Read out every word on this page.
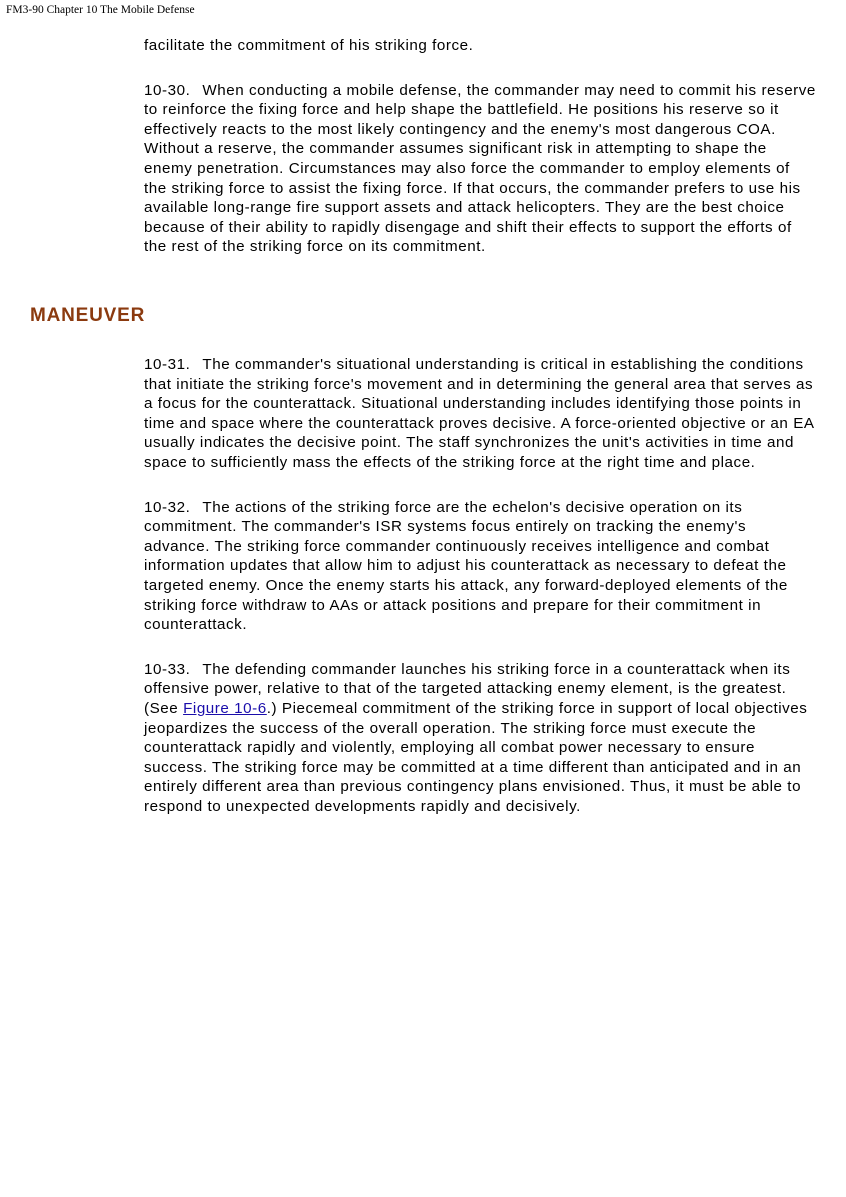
FM3-90 Chapter 10 The Mobile Defense

facilitate the commitment of his striking force.

10-30. When conducting a mobile defense, the commander may need to commit his reserve to reinforce the fixing force and help shape the battlefield. He positions his reserve so it effectively reacts to the most likely contingency and the enemy's most dangerous COA. Without a reserve, the commander assumes significant risk in attempting to shape the enemy penetration. Circumstances may also force the commander to employ elements of the striking force to assist the fixing force. If that occurs, the commander prefers to use his available long-range fire support assets and attack helicopters. They are the best choice because of their ability to rapidly disengage and shift their effects to support the efforts of the rest of the striking force on its commitment.

MANEUVER

10-31. The commander's situational understanding is critical in establishing the conditions that initiate the striking force's movement and in determining the general area that serves as a focus for the counterattack. Situational understanding includes identifying those points in time and space where the counterattack proves decisive. A force-oriented objective or an EA usually indicates the decisive point. The staff synchronizes the unit's activities in time and space to sufficiently mass the effects of the striking force at the right time and place.

10-32. The actions of the striking force are the echelon's decisive operation on its commitment. The commander's ISR systems focus entirely on tracking the enemy's advance. The striking force commander continuously receives intelligence and combat information updates that allow him to adjust his counterattack as necessary to defeat the targeted enemy. Once the enemy starts his attack, any forward-deployed elements of the striking force withdraw to AAs or attack positions and prepare for their commitment in counterattack.

10-33. The defending commander launches his striking force in a counterattack when its offensive power, relative to that of the targeted attacking enemy element, is the greatest. (See Figure 10-6.) Piecemeal commitment of the striking force in support of local objectives jeopardizes the success of the overall operation. The striking force must execute the counterattack rapidly and violently, employing all combat power necessary to ensure success. The striking force may be committed at a time different than anticipated and in an entirely different area than previous contingency plans envisioned. Thus, it must be able to respond to unexpected developments rapidly and decisively.
